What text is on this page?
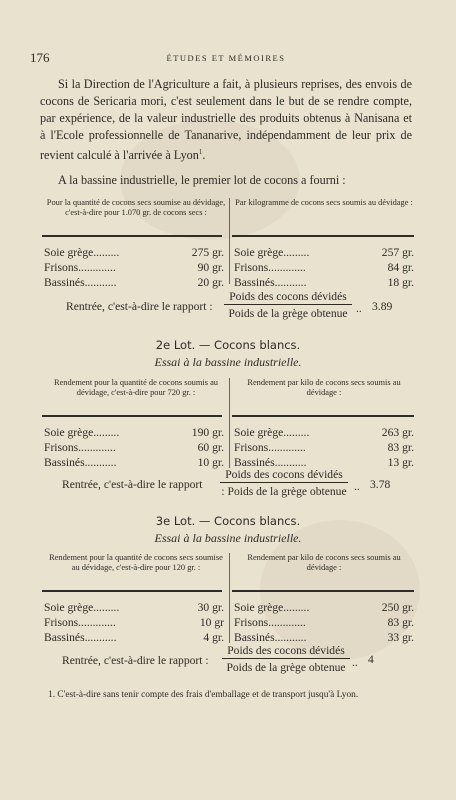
176	ÉTUDES ET MÉMOIRES

Si la Direction de l'Agriculture a fait, à plusieurs reprises, des envois de cocons de Sericaria mori, c'est seulement dans le but de se rendre compte, par expérience, de la valeur industrielle des produits obtenus à Nanisana et à l'Ecole professionnelle de Tananarive, indépendamment de leur prix de revient calculé à l'arrivée à Lyon$^1$.

A la bassine industrielle, le premier lot de cocons a fourni :

Pour la quantité de cocons secs soumise au dévidage, c'est-à-dire pour 1.070 gr. de cocons secs :
Par kilogramme de cocons secs soumis au dévidage :
Soie grège.........	275 gr.
Frisons.............	90 gr.
Bassinés...........	20 gr.
Soie grège.........	257 gr.
Frisons.............	84 gr.
Bassinés...........	18 gr.
Rentrée, c'est-à-dire le rapport :
Poids des cocons dévidés
Poids de la grège obtenue .. 3.89
2e Lot. — Cocons blancs.
Essai à la bassine industrielle.
Rendement pour la quantité de cocons soumis au dévidage, c'est-à-dire pour 720 gr. :
Rendement par kilo de cocons secs soumis au dévidage :
Soie grège.........	190 gr.
Frisons.............	60 gr.
Bassinés...........	10 gr.
Soie grège.........	263 gr.
Frisons.............	83 gr.
Bassinés...........	13 gr.
Rentrée, c'est-à-dire le rapport
Poids des cocons dévidés
: Poids de la grège obtenue .. 3.78
3e Lot. — Cocons blancs.
Essai à la bassine industrielle.
Rendement pour la quantité de cocons secs soumise au dévidage, c'est-à-dire pour 120 gr. :
Rendement par kilo de cocons secs soumis au dévidage :
Soie grège.........	30 gr.
Frisons.............	10 gr
Bassinés...........	4 gr.
Soie grège.........	250 gr.
Frisons.............	83 gr.
Bassinés...........	33 gr.
Rentrée, c'est-à-dire le rapport :
Poids des cocons dévidés
Poids de la grège obtenue .. 4
1. C'est-à-dire sans tenir compte des frais d'emballage et de transport jusqu'à Lyon.
